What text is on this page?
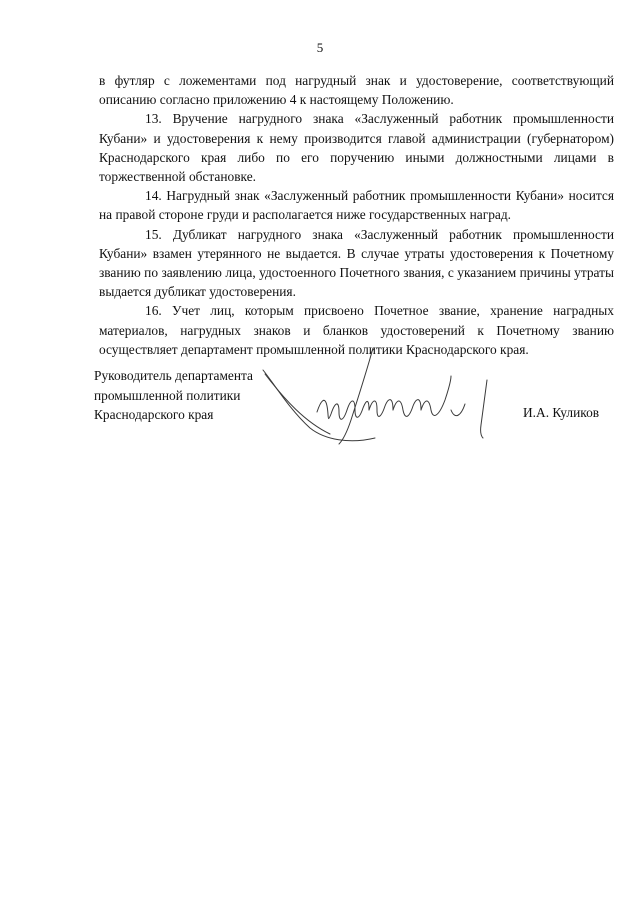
5

в футляр с ложементами под нагрудный знак и удостоверение, соответствующий описанию согласно приложению 4 к настоящему Положению.

13. Вручение нагрудного знака «Заслуженный работник промышленности Кубани» и удостоверения к нему производится главой администрации (губернатором) Краснодарского края либо по его поручению иными должностными лицами в торжественной обстановке.

14. Нагрудный знак «Заслуженный работник промышленности Кубани» носится на правой стороне груди и располагается ниже государственных наград.

15. Дубликат нагрудного знака «Заслуженный работник промышленности Кубани» взамен утерянного не выдается. В случае утраты удостоверения к Почетному званию по заявлению лица, удостоенного Почетного звания, с указанием причины утраты выдается дубликат удостоверения.

16. Учет лиц, которым присвоено Почетное звание, хранение наградных материалов, нагрудных знаков и бланков удостоверений к Почетному званию осуществляет департамент промышленной политики Краснодарского края.

Руководитель департамента
промышленной политики
Краснодарского края	И.А. Куликов
